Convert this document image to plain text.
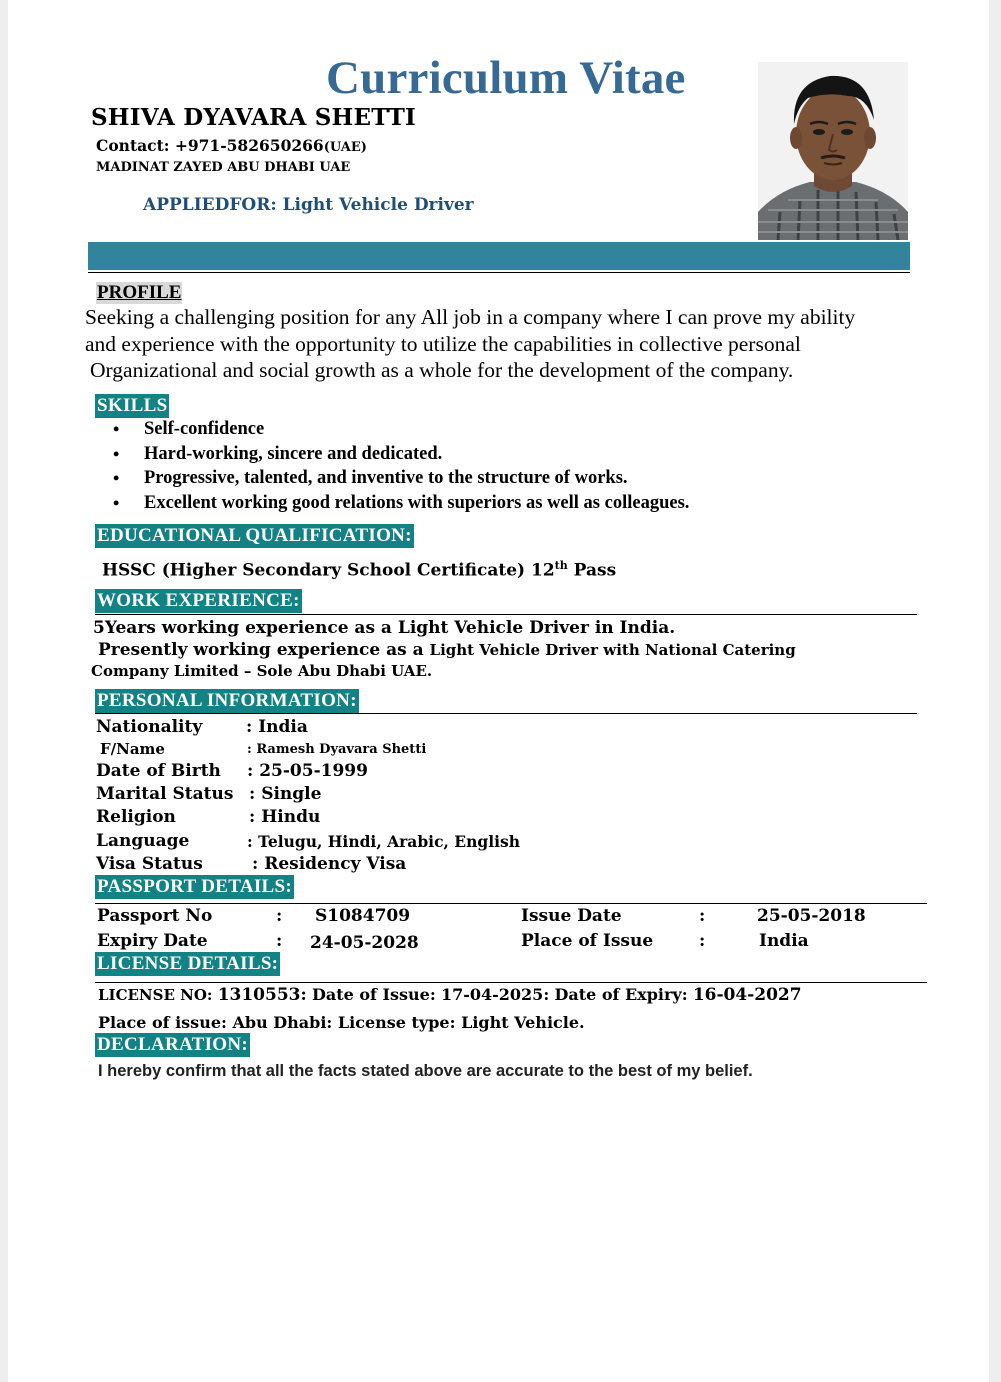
Curriculum Vitae
SHIVA DYAVARA SHETTI
Contact: +971-582650266(UAE)
MADINAT ZAYED ABU DHABI UAE
APPLIEDFOR: Light Vehicle Driver
PROFILE
Seeking a challenging position for any All job in a company where I can prove my ability
and experience with the opportunity to utilize the capabilities in collective personal
Organizational and social growth as a whole for the development of the company.
SKILLS
• Self-confidence
• Hard-working, sincere and dedicated.
• Progressive, talented, and inventive to the structure of works.
• Excellent working good relations with superiors as well as colleagues.
EDUCATIONAL QUALIFICATION:
HSSC (Higher Secondary School Certificate) 12th Pass
WORK EXPERIENCE:
5Years working experience as a Light Vehicle Driver in India.
Presently working experience as a Light Vehicle Driver with National Catering
Company Limited – Sole Abu Dhabi UAE.
PERSONAL INFORMATION:
Nationality	: India
F/Name	: Ramesh Dyavara Shetti
Date of Birth : 25-05-1999
Marital Status : Single
Religion	: Hindu
Language	: Telugu, Hindi, Arabic, English
Visa Status	: Residency Visa
PASSPORT DETAILS:
Passport No	: S1084709	Issue Date	:	25-05-2018
Expiry Date	: 24-05-2028	Place of Issue	:	India
LICENSE DETAILS:
LICENSE NO: 1310553: Date of Issue: 17-04-2025: Date of Expiry: 16-04-2027
Place of issue: Abu Dhabi: License type: Light Vehicle.
DECLARATION:
I hereby confirm that all the facts stated above are accurate to the best of my belief.
